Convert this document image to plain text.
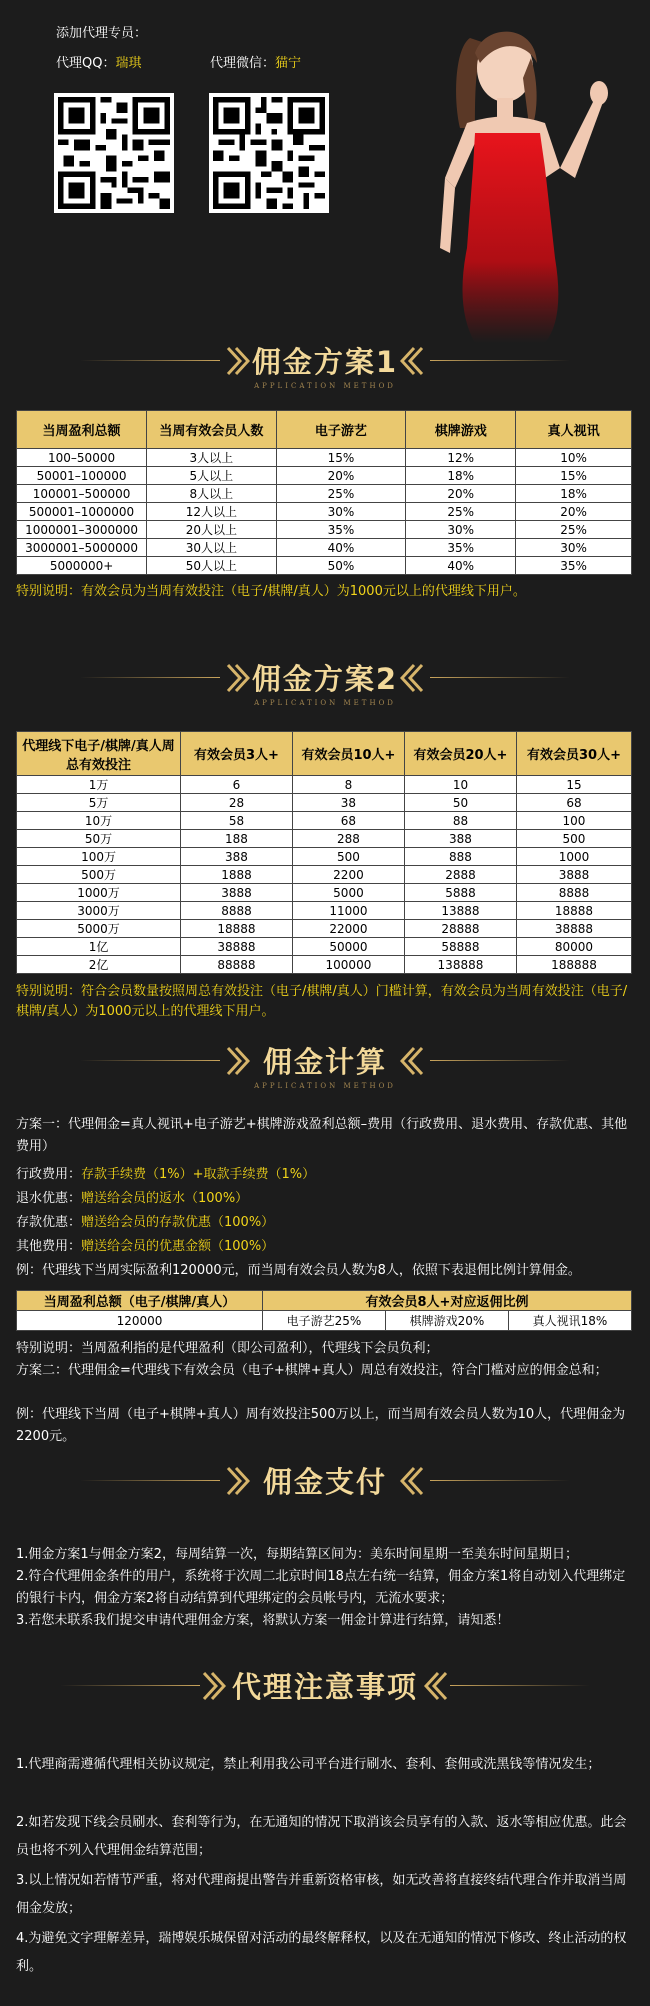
添加代理专员：
代理QQ：瑞琪	代理微信：猫宁
佣金方案1
APPLICATION METHOD
当周盈利总额	当周有效会员人数	电子游艺	棋牌游戏	真人视讯
100–50000	3人以上	15%	12%	10%
50001–100000	5人以上	20%	18%	15%
100001–500000	8人以上	25%	20%	18%
500001–1000000	12人以上	30%	25%	20%
1000001–3000000	20人以上	35%	30%	25%
3000001–5000000	30人以上	40%	35%	30%
5000000+	50人以上	50%	40%	35%
特别说明：有效会员为当周有效投注（电子/棋牌/真人）为1000元以上的代理线下用户。
佣金方案2
APPLICATION METHOD
代理线下电子/棋牌/真人周总有效投注	有效会员3人+	有效会员10人+	有效会员20人+	有效会员30人+
1万	6	8	10	15
5万	28	38	50	68
10万	58	68	88	100
50万	188	288	388	500
100万	388	500	888	1000
500万	1888	2200	2888	3888
1000万	3888	5000	5888	8888
3000万	8888	11000	13888	18888
5000万	18888	22000	28888	38888
1亿	38888	50000	58888	80000
2亿	88888	100000	138888	188888
特别说明：符合会员数量按照周总有效投注（电子/棋牌/真人）门槛计算，有效会员为当周有效投注（电子/棋牌/真人）为1000元以上的代理线下用户。
佣金计算
APPLICATION METHOD
方案一：代理佣金=真人视讯+电子游艺+棋牌游戏盈利总额–费用（行政费用、退水费用、存款优惠、其他费用）
行政费用：存款手续费（1%）+取款手续费（1%）
退水优惠：赠送给会员的返水（100%）
存款优惠：赠送给会员的存款优惠（100%）
其他费用：赠送给会员的优惠金额（100%）
例：代理线下当周实际盈利120000元，而当周有效会员人数为8人，依照下表退佣比例计算佣金。
当周盈利总额（电子/棋牌/真人）	有效会员8人+对应返佣比例		
120000	电子游艺25%	棋牌游戏20%	真人视讯18%
特别说明：当周盈利指的是代理盈利（即公司盈利），代理线下会员负利；
方案二：代理佣金=代理线下有效会员（电子+棋牌+真人）周总有效投注，符合门槛对应的佣金总和；
例：代理线下当周（电子+棋牌+真人）周有效投注500万以上，而当周有效会员人数为10人，代理佣金为2200元。
佣金支付
1.佣金方案1与佣金方案2，每周结算一次，每期结算区间为：美东时间星期一至美东时间星期日；
2.符合代理佣金条件的用户，系统将于次周二北京时间18点左右统一结算，佣金方案1将自动划入代理绑定的银行卡内，佣金方案2将自动结算到代理绑定的会员帐号内，无流水要求；
3.若您未联系我们提交申请代理佣金方案，将默认方案一佣金计算进行结算，请知悉！
代理注意事项
1.代理商需遵循代理相关协议规定，禁止利用我公司平台进行刷水、套利、套佣或洗黑钱等情况发生；
2.如若发现下线会员刷水、套利等行为，在无通知的情况下取消该会员享有的入款、返水等相应优惠。此会员也将不列入代理佣金结算范围；
3.以上情况如若情节严重，将对代理商提出警告并重新资格审核，如无改善将直接终结代理合作并取消当周佣金发放；
4.为避免文字理解差异，瑞博娱乐城保留对活动的最终解释权，以及在无通知的情况下修改、终止活动的权利。
